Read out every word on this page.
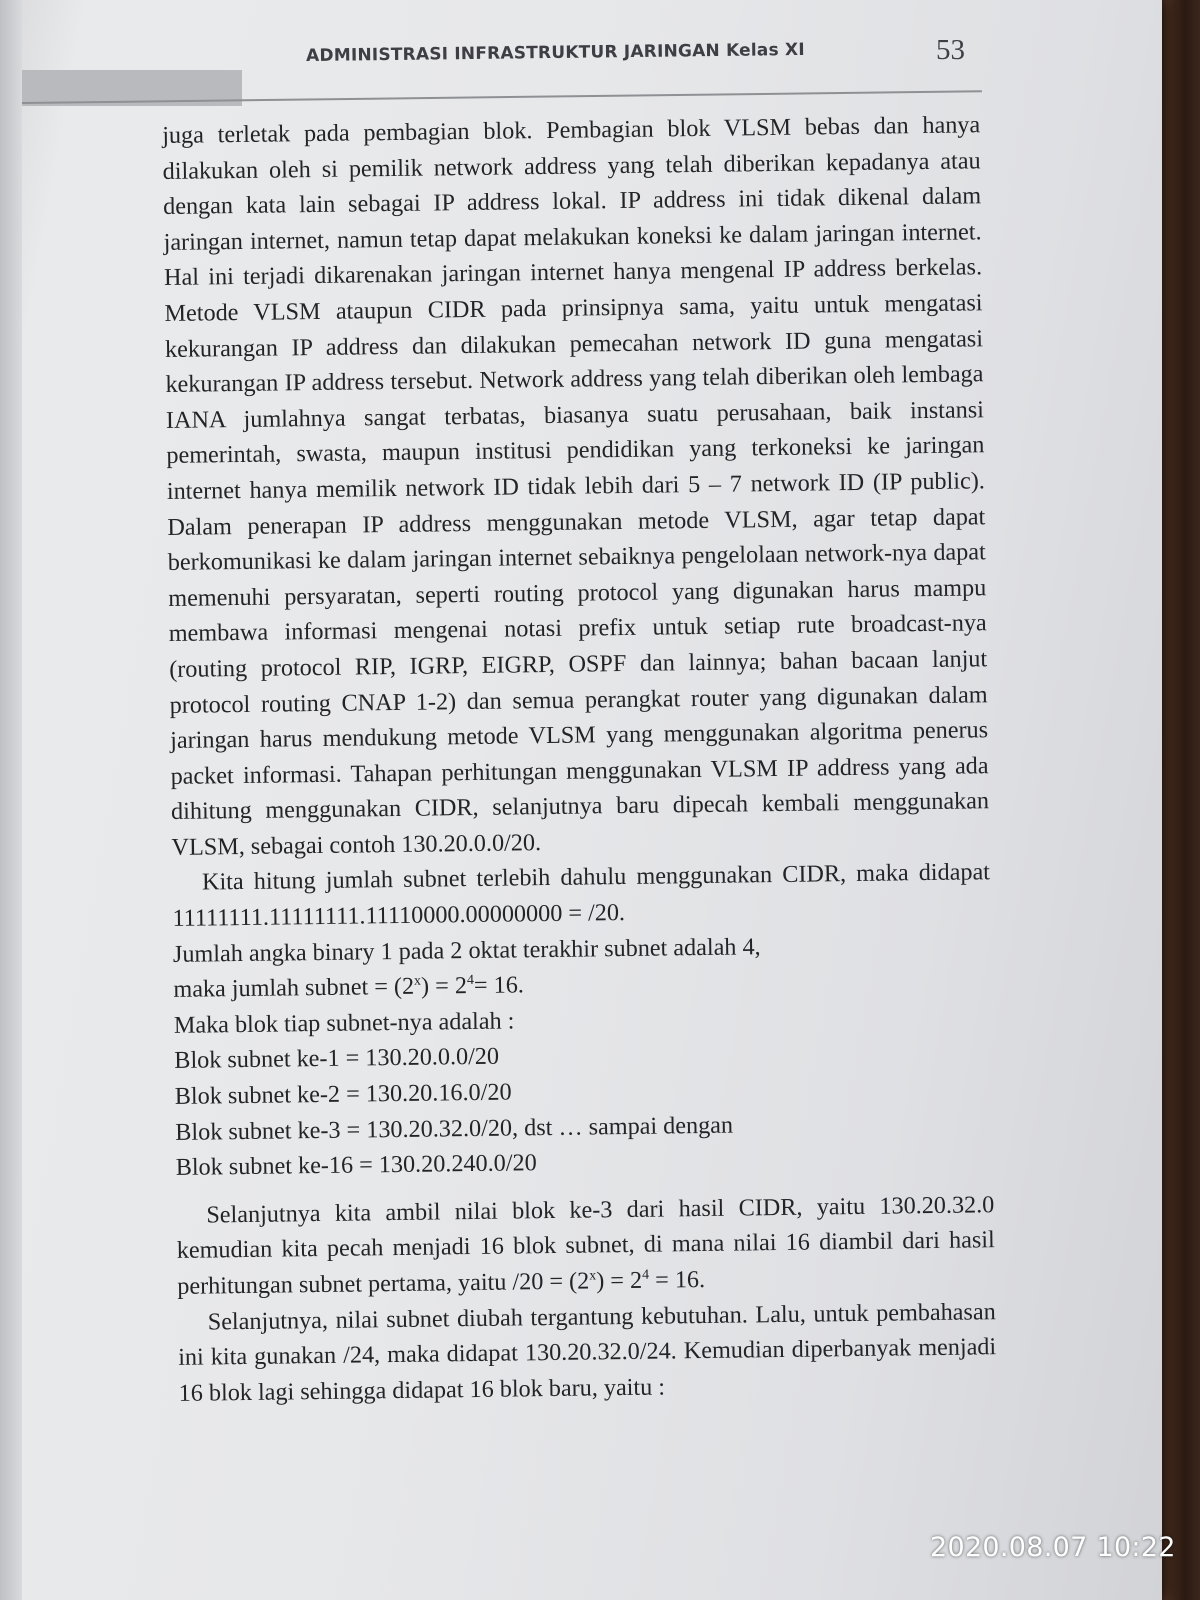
ADMINISTRASI INFRASTRUKTUR JARINGAN Kelas XI	53

juga terletak pada pembagian blok. Pembagian blok VLSM bebas dan hanya dilakukan oleh si pemilik network address yang telah diberikan kepadanya atau dengan kata lain sebagai IP address lokal. IP address ini tidak dikenal dalam jaringan internet, namun tetap dapat melakukan koneksi ke dalam jaringan internet. Hal ini terjadi dikarenakan jaringan internet hanya mengenal IP address berkelas. Metode VLSM ataupun CIDR pada prinsipnya sama, yaitu untuk mengatasi kekurangan IP address dan dilakukan pemecahan network ID guna mengatasi kekurangan IP address tersebut. Network address yang telah diberikan oleh lembaga IANA jumlahnya sangat terbatas, biasanya suatu perusahaan, baik instansi pemerintah, swasta, maupun institusi pendidikan yang terkoneksi ke jaringan internet hanya memilik network ID tidak lebih dari 5 – 7 network ID (IP public). Dalam penerapan IP address menggunakan metode VLSM, agar tetap dapat berkomunikasi ke dalam jaringan internet sebaiknya pengelolaan network-nya dapat memenuhi persyaratan, seperti routing protocol yang digunakan harus mampu membawa informasi mengenai notasi prefix untuk setiap rute broadcast-nya (routing protocol RIP, IGRP, EIGRP, OSPF dan lainnya; bahan bacaan lanjut protocol routing CNAP 1-2) dan semua perangkat router yang digunakan dalam jaringan harus mendukung metode VLSM yang menggunakan algoritma penerus packet informasi. Tahapan perhitungan menggunakan VLSM IP address yang ada dihitung menggunakan CIDR, selanjutnya baru dipecah kembali menggunakan VLSM, sebagai contoh 130.20.0.0/20.

Kita hitung jumlah subnet terlebih dahulu menggunakan CIDR, maka didapat 11111111.11111111.11110000.00000000 = /20.

Jumlah angka binary 1 pada 2 oktat terakhir subnet adalah 4,

maka jumlah subnet = $(2^x) = 2^4= 16$.

Maka blok tiap subnet-nya adalah :

Blok subnet ke-1 = 130.20.0.0/20

Blok subnet ke-2 = 130.20.16.0/20

Blok subnet ke-3 = 130.20.32.0/20, dst … sampai dengan

Blok subnet ke-16 = 130.20.240.0/20

Selanjutnya kita ambil nilai blok ke-3 dari hasil CIDR, yaitu 130.20.32.0 kemudian kita pecah menjadi 16 blok subnet, di mana nilai 16 diambil dari hasil perhitungan subnet pertama, yaitu $/20 = (2^x) = 2^4 = 16$.

Selanjutnya, nilai subnet diubah tergantung kebutuhan. Lalu, untuk pembahasan ini kita gunakan /24, maka didapat 130.20.32.0/24. Kemudian diperbanyak menjadi 16 blok lagi sehingga didapat 16 blok baru, yaitu :

2020.08.07 10:22
